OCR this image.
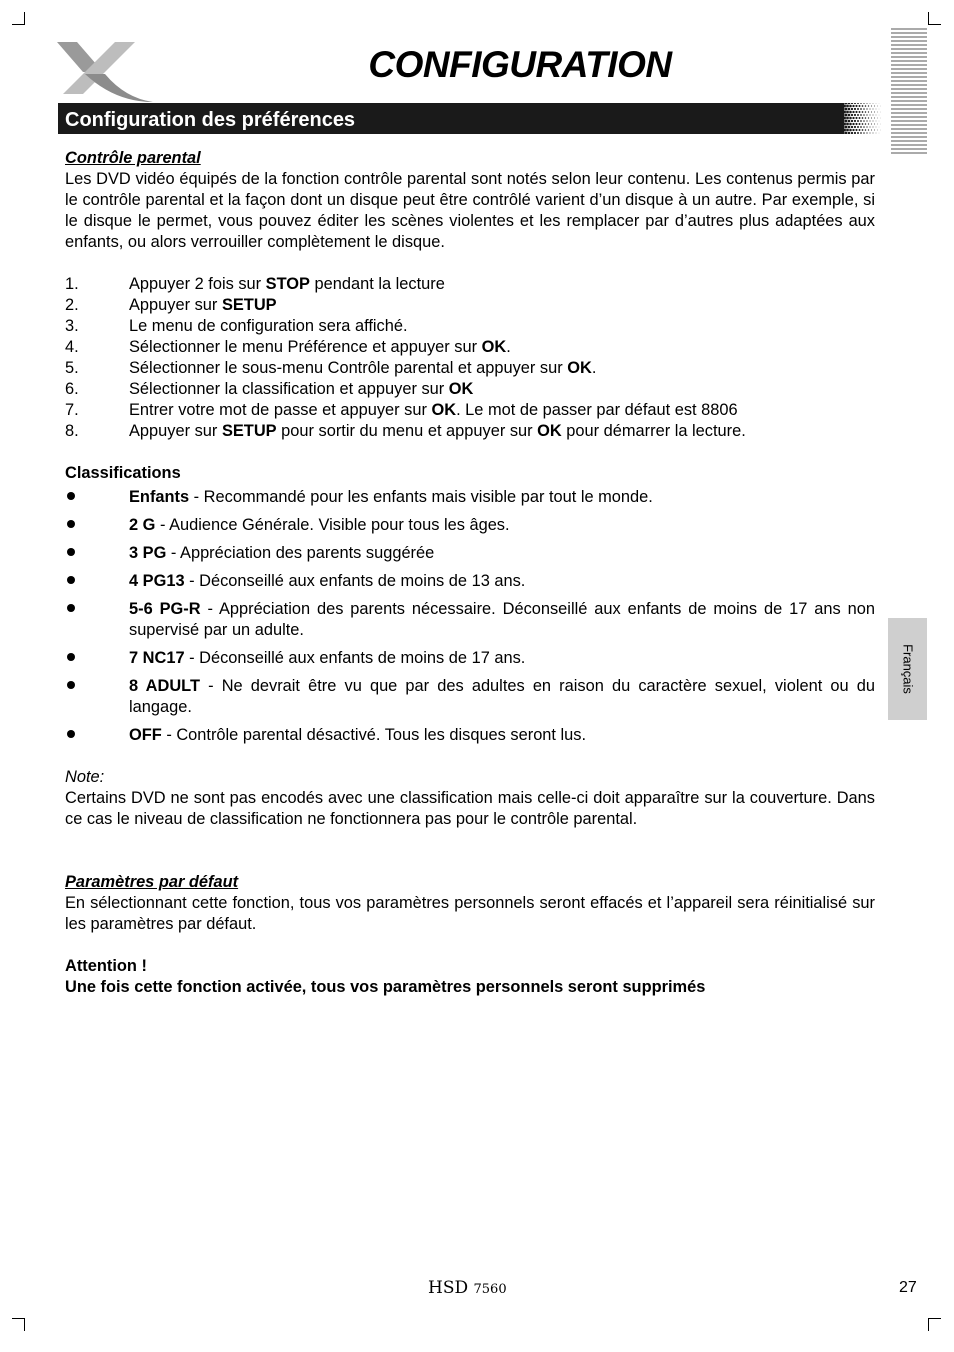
CONFIGURATION
Configuration des préférences
Contrôle parental
Les DVD vidéo équipés de la fonction contrôle parental sont notés selon leur contenu. Les contenus permis par le contrôle parental et la façon dont un disque peut être contrôlé varient d’un disque à un autre. Par exemple, si le disque le permet, vous pouvez éditer les scènes violentes et les remplacer par d’autres plus adaptées aux enfants, ou alors verrouiller complètement le disque.
1.	Appuyer 2 fois sur STOP pendant la lecture
2.	Appuyer sur SETUP
3.	Le menu de configuration sera affiché.
4.	Sélectionner le menu Préférence et appuyer sur OK.
5.	Sélectionner le sous-menu Contrôle parental et appuyer sur OK.
6.	Sélectionner la classification et appuyer sur OK
7.	Entrer votre mot de passe et appuyer sur OK. Le mot de passer par défaut est 8806
8.	Appuyer sur SETUP pour sortir du menu et appuyer sur OK pour démarrer la lecture.
Classifications
Enfants - Recommandé pour les enfants mais visible par tout le monde.
2 G - Audience Générale. Visible pour tous les âges.
3 PG - Appréciation des parents suggérée
4 PG13 - Déconseillé aux enfants de moins de 13 ans.
5-6 PG-R - Appréciation des parents nécessaire. Déconseillé aux enfants de moins de 17 ans non supervisé par un adulte.
7 NC17 - Déconseillé aux enfants de moins de 17 ans.
8 ADULT - Ne devrait être vu que par des adultes en raison du caractère sexuel, violent ou du langage.
OFF - Contrôle parental désactivé. Tous les disques seront lus.
Note:
Certains DVD ne sont pas encodés avec une classification mais celle-ci doit apparaître sur la couverture. Dans ce cas le niveau de classification ne fonctionnera pas pour le contrôle parental.
Paramètres par défaut
En sélectionnant cette fonction, tous vos paramètres personnels seront effacés et l’appareil sera réinitialisé sur les paramètres par défaut.
Attention !
Une fois cette fonction activée, tous vos paramètres personnels seront supprimés
Français
HSD 7560	27
